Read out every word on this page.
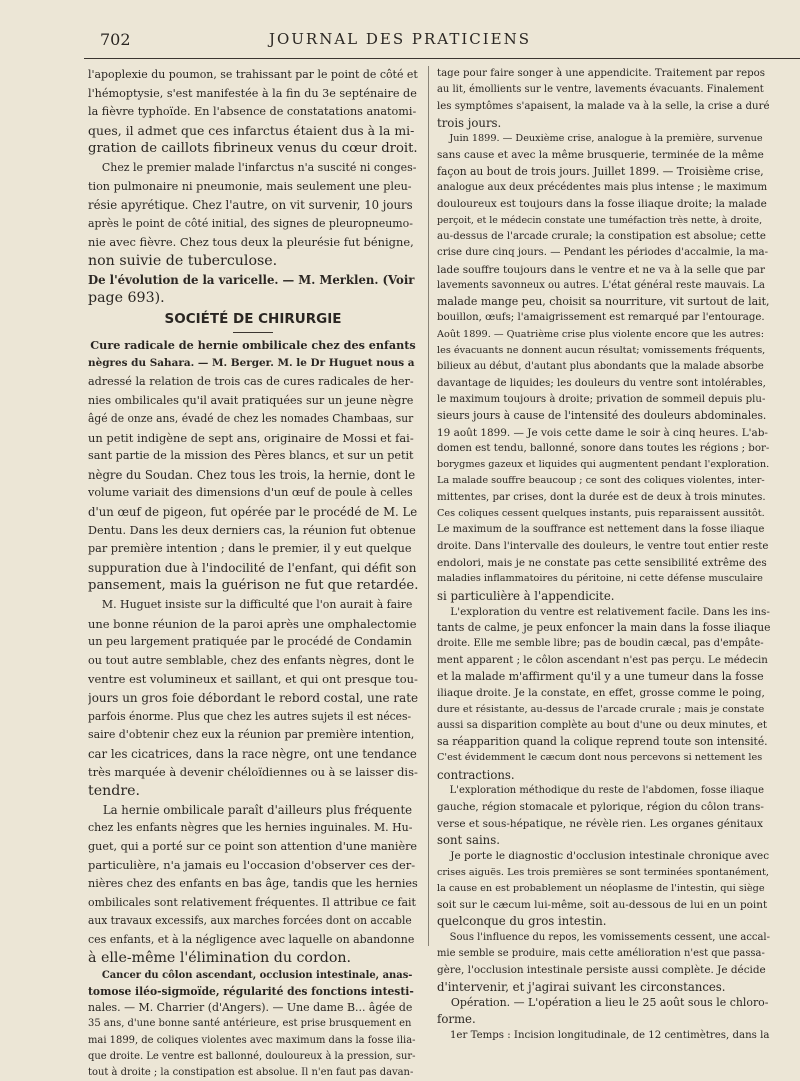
702	JOURNAL DES PRATICIENS
l'apoplexie du poumon, se trahissant par le point de côté et
l'hémoptysie, s'est manifestée à la fin du 3e septénaire de
la fièvre typhoïde. En l'absence de constatations anatomi-
ques, il admet que ces infarctus étaient dus à la mi-
gration de caillots fibrineux venus du cœur droit.
Chez le premier malade l'infarctus n'a suscité ni conges-
tion pulmonaire ni pneumonie, mais seulement une pleu-
résie apyrétique. Chez l'autre, on vit survenir, 10 jours
après le point de côté initial, des signes de pleuropneumo-
nie avec fièvre. Chez tous deux la pleurésie fut bénigne,
non suivie de tuberculose.
De l'évolution de la varicelle. — M. Merklen. (Voir
page 693).
SOCIÉTÉ DE CHIRURGIE
Cure radicale de hernie ombilicale chez des enfants
nègres du Sahara. — M. Berger. M. le Dr Huguet nous a
adressé la relation de trois cas de cures radicales de her-
nies ombilicales qu'il avait pratiquées sur un jeune nègre
âgé de onze ans, évadé de chez les nomades Chambaas, sur
un petit indigène de sept ans, originaire de Mossi et fai-
sant partie de la mission des Pères blancs, et sur un petit
nègre du Soudan. Chez tous les trois, la hernie, dont le
volume variait des dimensions d'un œuf de poule à celles
d'un œuf de pigeon, fut opérée par le procédé de M. Le
Dentu. Dans les deux derniers cas, la réunion fut obtenue
par première intention ; dans le premier, il y eut quelque
suppuration due à l'indocilité de l'enfant, qui défit son
pansement, mais la guérison ne fut que retardée.
M. Huguet insiste sur la difficulté que l'on aurait à faire
une bonne réunion de la paroi après une omphalectomie
un peu largement pratiquée par le procédé de Condamin
ou tout autre semblable, chez des enfants nègres, dont le
ventre est volumineux et saillant, et qui ont presque tou-
jours un gros foie débordant le rebord costal, une rate
parfois énorme. Plus que chez les autres sujets il est néces-
saire d'obtenir chez eux la réunion par première intention,
car les cicatrices, dans la race nègre, ont une tendance
très marquée à devenir chéloïdiennes ou à se laisser dis-
tendre.
La hernie ombilicale paraît d'ailleurs plus fréquente
chez les enfants nègres que les hernies inguinales. M. Hu-
guet, qui a porté sur ce point son attention d'une manière
particulière, n'a jamais eu l'occasion d'observer ces der-
nières chez des enfants en bas âge, tandis que les hernies
ombilicales sont relativement fréquentes. Il attribue ce fait
aux travaux excessifs, aux marches forcées dont on accable
ces enfants, et à la négligence avec laquelle on abandonne
à elle-même l'élimination du cordon.
Cancer du côlon ascendant, occlusion intestinale, anas-
tomose iléo-sigmoïde, régularité des fonctions intesti-
nales. — M. Charrier (d'Angers). — Une dame B... âgée de
35 ans, d'une bonne santé antérieure, est prise brusquement en
mai 1899, de coliques violentes avec maximum dans la fosse ilia-
que droite. Le ventre est ballonné, douloureux à la pression, sur-
tout à droite ; la constipation est absolue. Il n'en faut pas davan-
tage pour faire songer à une appendicite. Traitement par repos
au lit, émollients sur le ventre, lavements évacuants. Finalement
les symptômes s'apaisent, la malade va à la selle, la crise a duré
trois jours.
Juin 1899. — Deuxième crise, analogue à la première, survenue
sans cause et avec la même brusquerie, terminée de la même
façon au bout de trois jours. Juillet 1899. — Troisième crise,
analogue aux deux précédentes mais plus intense ; le maximum
douloureux est toujours dans la fosse iliaque droite; la malade
perçoit, et le médecin constate une tuméfaction très nette, à droite,
au-dessus de l'arcade crurale; la constipation est absolue; cette
crise dure cinq jours. — Pendant les périodes d'accalmie, la ma-
lade souffre toujours dans le ventre et ne va à la selle que par
lavements savonneux ou autres. L'état général reste mauvais. La
malade mange peu, choisit sa nourriture, vit surtout de lait,
bouillon, œufs; l'amaigrissement est remarqué par l'entourage.
Août 1899. — Quatrième crise plus violente encore que les autres:
les évacuants ne donnent aucun résultat; vomissements fréquents,
bilieux au début, d'autant plus abondants que la malade absorbe
davantage de liquides; les douleurs du ventre sont intolérables,
le maximum toujours à droite; privation de sommeil depuis plu-
sieurs jours à cause de l'intensité des douleurs abdominales.
19 août 1899. — Je vois cette dame le soir à cinq heures. L'ab-
domen est tendu, ballonné, sonore dans toutes les régions ; bor-
borygmes gazeux et liquides qui augmentent pendant l'exploration.
La malade souffre beaucoup ; ce sont des coliques violentes, inter-
mittentes, par crises, dont la durée est de deux à trois minutes.
Ces coliques cessent quelques instants, puis reparaissent aussitôt.
Le maximum de la souffrance est nettement dans la fosse iliaque
droite. Dans l'intervalle des douleurs, le ventre tout entier reste
endolori, mais je ne constate pas cette sensibilité extrême des
maladies inflammatoires du péritoine, ni cette défense musculaire
si particulière à l'appendicite.
L'exploration du ventre est relativement facile. Dans les ins-
tants de calme, je peux enfoncer la main dans la fosse iliaque
droite. Elle me semble libre; pas de boudin cæcal, pas d'empâte-
ment apparent ; le côlon ascendant n'est pas perçu. Le médecin
et la malade m'affirment qu'il y a une tumeur dans la fosse
iliaque droite. Je la constate, en effet, grosse comme le poing,
dure et résistante, au-dessus de l'arcade crurale ; mais je constate
aussi sa disparition complète au bout d'une ou deux minutes, et
sa réapparition quand la colique reprend toute son intensité.
C'est évidemment le cæcum dont nous percevons si nettement les
contractions.
L'exploration méthodique du reste de l'abdomen, fosse iliaque
gauche, région stomacale et pylorique, région du côlon trans-
verse et sous-hépatique, ne révèle rien. Les organes génitaux
sont sains.
Je porte le diagnostic d'occlusion intestinale chronique avec
crises aiguës. Les trois premières se sont terminées spontanément,
la cause en est probablement un néoplasme de l'intestin, qui siège
soit sur le cæcum lui-même, soit au-dessous de lui en un point
quelconque du gros intestin.
Sous l'influence du repos, les vomissements cessent, une accal-
mie semble se produire, mais cette amélioration n'est que passa-
gère, l'occlusion intestinale persiste aussi complète. Je décide
d'intervenir, et j'agirai suivant les circonstances.
Opération. — L'opération a lieu le 25 août sous le chloro-
forme.
1er Temps : Incision longitudinale, de 12 centimètres, dans la
